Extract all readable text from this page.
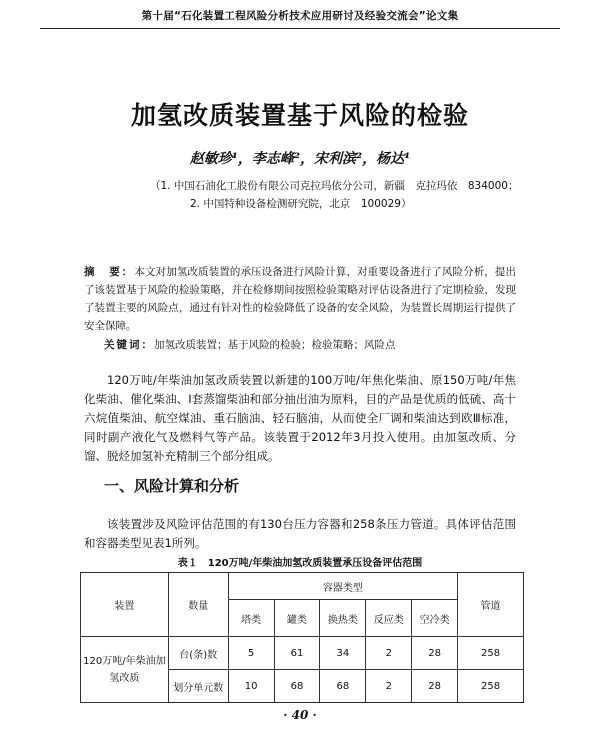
第十届“石化装置工程风险分析技术应用研讨及经验交流会”论文集
加氢改质装置基于风险的检验
赵敏珍¹，李志峰²，宋利滨²，杨达¹
（1. 中国石油化工股份有限公司克拉玛依分公司，新疆　克拉玛依　834000；
2. 中国特种设备检测研究院，北京　100029）
摘　要：本文对加氢改质装置的承压设备进行风险计算，对重要设备进行了风险分析，提出了该装置基于风险的检验策略，并在检修期间按照检验策略对评估设备进行了定期检验，发现了装置主要的风险点，通过有针对性的检验降低了设备的安全风险，为装置长周期运行提供了安全保障。
关键词：加氢改质装置；基于风险的检验；检验策略；风险点
120万吨/年柴油加氢改质装置以新建的100万吨/年焦化柴油、原150万吨/年焦化柴油、催化柴油、I套蒸馏柴油和部分抽出油为原料，目的产品是优质的低硫、高十六烷值柴油、航空煤油、重石脑油、轻石脑油，从而使全厂调和柴油达到欧Ⅲ标准，同时副产液化气及燃料气等产品。该装置于2012年3月投入使用。由加氢改质、分馏、脱烃加氢补充精制三个部分组成。
一、风险计算和分析
该装置涉及风险评估范围的有130台压力容器和258条压力管道。具体评估范围和容器类型见表1所列。
表１　120万吨/年柴油加氢改质装置承压设备评估范围
装置	数量	容器类型					管道
		塔类	罐类	换热类	反应类	空冷类	
120万吨/年柴油加氢改质	台(条)数	5	61	34	2	28	258
	划分单元数	10	68	68	2	28	258
· 40 ·
